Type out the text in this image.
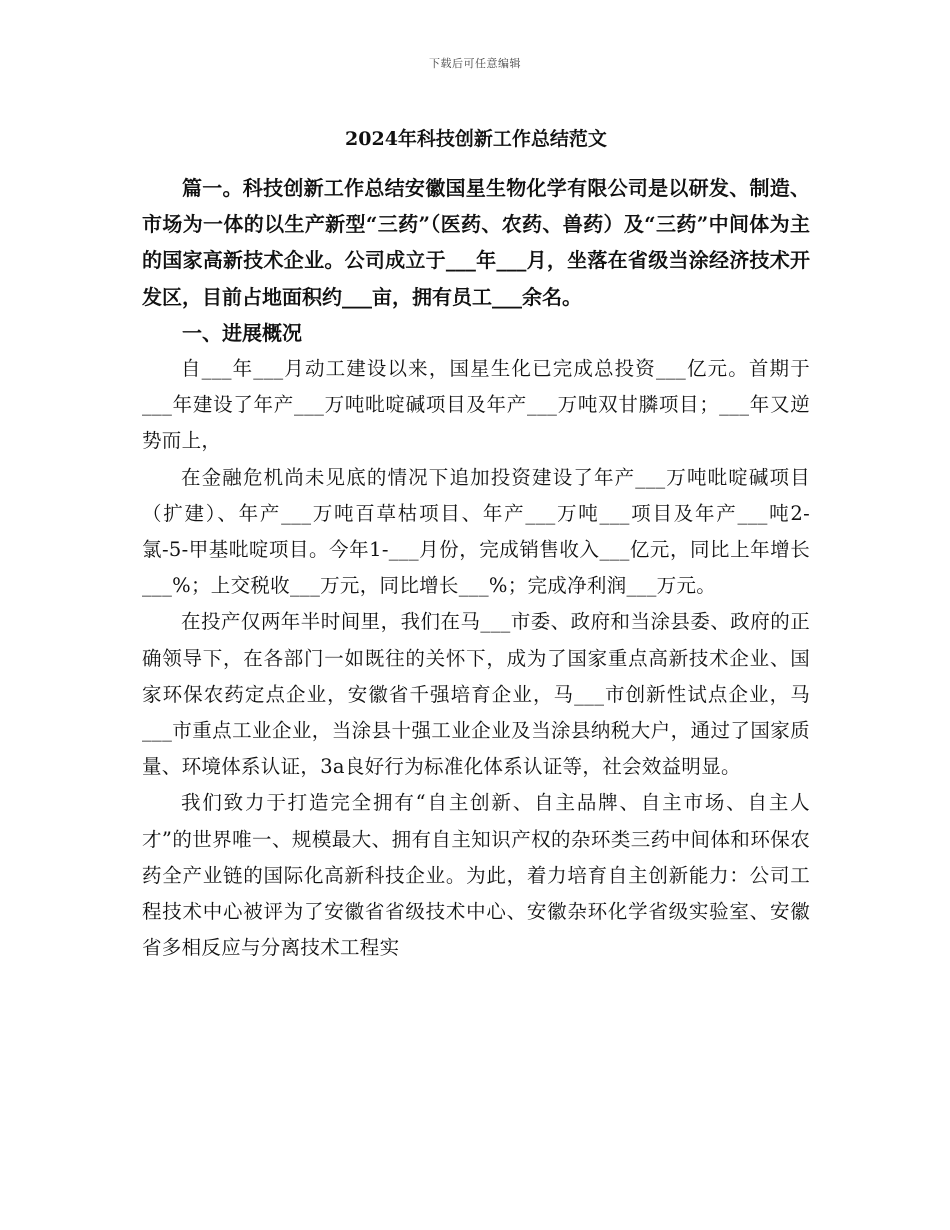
下载后可任意编辑
2024年科技创新工作总结范文

篇一。科技创新工作总结安徽国星生物化学有限公司是以研发、制造、市场为一体的以生产新型“三药”（医药、农药、兽药）及“三药”中间体为主的国家高新技术企业。公司成立于___年___月，坐落在省级当涂经济技术开发区，目前占地面积约___亩，拥有员工___余名。

一、进展概况

自___年___月动工建设以来，国星生化已完成总投资___亿元。首期于___年建设了年产___万吨吡啶碱项目及年产___万吨双甘膦项目；___年又逆势而上，

在金融危机尚未见底的情况下追加投资建设了年产___万吨吡啶碱项目（扩建）、年产___万吨百草枯项目、年产___万吨___项目及年产___吨2-氯-5-甲基吡啶项目。今年1-___月份，完成销售收入___亿元，同比上年增长___%；上交税收___万元，同比增长___%；完成净利润___万元。

在投产仅两年半时间里，我们在马___市委、政府和当涂县委、政府的正确领导下，在各部门一如既往的关怀下，成为了国家重点高新技术企业、国家环保农药定点企业，安徽省千强培育企业，马___市创新性试点企业，马___市重点工业企业，当涂县十强工业企业及当涂县纳税大户，通过了国家质量、环境体系认证，3a良好行为标准化体系认证等，社会效益明显。

我们致力于打造完全拥有“自主创新、自主品牌、自主市场、自主人才”的世界唯一、规模最大、拥有自主知识产权的杂环类三药中间体和环保农药全产业链的国际化高新科技企业。为此，着力培育自主创新能力：公司工程技术中心被评为了安徽省省级技术中心、安徽杂环化学省级实验室、安徽省多相反应与分离技术工程实
